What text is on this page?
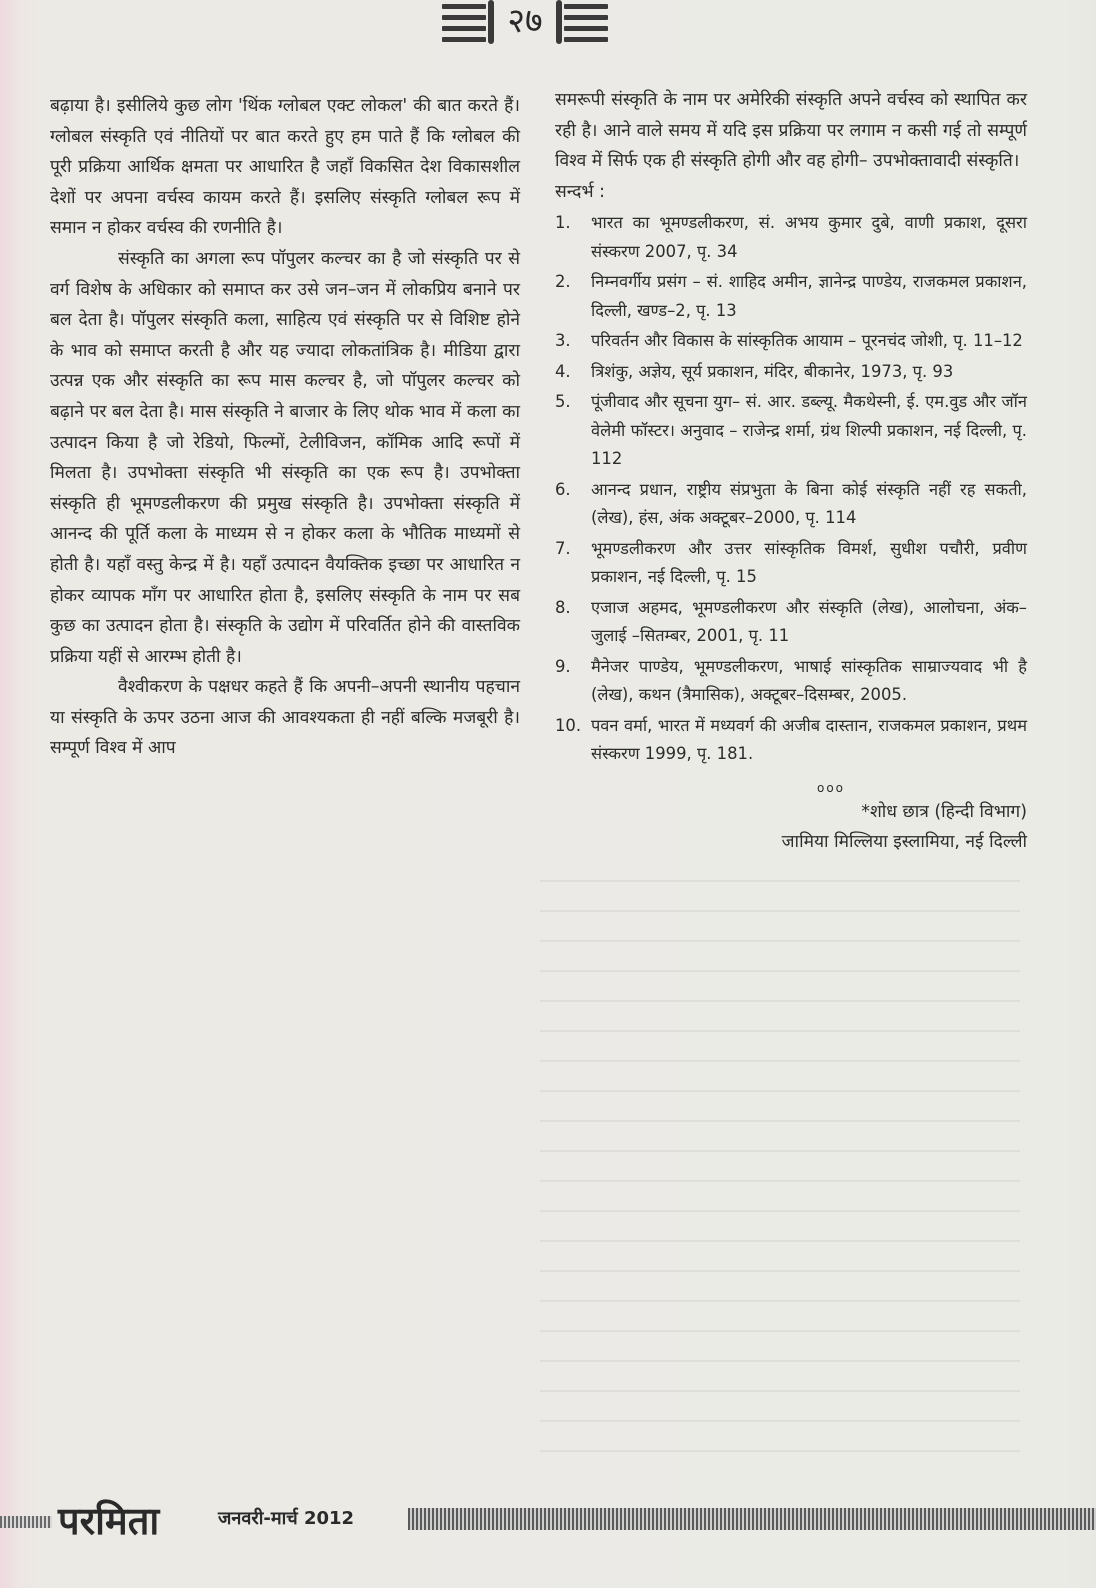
२७

बढ़ाया है। इसीलिये कुछ लोग 'थिंक ग्लोबल एक्ट लोकल' की बात करते हैं। ग्लोबल संस्कृति एवं नीतियों पर बात करते हुए हम पाते हैं कि ग्लोबल की पूरी प्रक्रिया आर्थिक क्षमता पर आधारित है जहाँ विकसित देश विकासशील देशों पर अपना वर्चस्व कायम करते हैं। इसलिए संस्कृति ग्लोबल रूप में समान न होकर वर्चस्व की रणनीति है।

संस्कृति का अगला रूप पॉपुलर कल्चर का है जो संस्कृति पर से वर्ग विशेष के अधिकार को समाप्त कर उसे जन–जन में लोकप्रिय बनाने पर बल देता है। पॉपुलर संस्कृति कला, साहित्य एवं संस्कृति पर से विशिष्ट होने के भाव को समाप्त करती है और यह ज्यादा लोकतांत्रिक है। मीडिया द्वारा उत्पन्न एक और संस्कृति का रूप मास कल्चर है, जो पॉपुलर कल्चर को बढ़ाने पर बल देता है। मास संस्कृति ने बाजार के लिए थोक भाव में कला का उत्पादन किया है जो रेडियो, फिल्मों, टेलीविजन, कॉमिक आदि रूपों में मिलता है। उपभोक्ता संस्कृति भी संस्कृति का एक रूप है। उपभोक्ता संस्कृति ही भूमण्डलीकरण की प्रमुख संस्कृति है। उपभोक्ता संस्कृति में आनन्द की पूर्ति कला के माध्यम से न होकर कला के भौतिक माध्यमों से होती है। यहाँ वस्तु केन्द्र में है। यहाँ उत्पादन वैयक्तिक इच्छा पर आधारित न होकर व्यापक माँग पर आधारित होता है, इसलिए संस्कृति के नाम पर सब कुछ का उत्पादन होता है। संस्कृति के उद्योग में परिवर्तित होने की वास्तविक प्रक्रिया यहीं से आरम्भ होती है।

वैश्वीकरण के पक्षधर कहते हैं कि अपनी–अपनी स्थानीय पहचान या संस्कृति के ऊपर उठना आज की आवश्यकता ही नहीं बल्कि मजबूरी है। सम्पूर्ण विश्व में आप

समरूपी संस्कृति के नाम पर अमेरिकी संस्कृति अपने वर्चस्व को स्थापित कर रही है। आने वाले समय में यदि इस प्रक्रिया पर लगाम न कसी गई तो सम्पूर्ण विश्व में सिर्फ एक ही संस्कृति होगी और वह होगी– उपभोक्तावादी संस्कृति।

सन्दर्भ :

1.	भारत का भूमण्डलीकरण, सं. अभय कुमार दुबे, वाणी प्रकाश, दूसरा संस्करण 2007, पृ. 34
2.	निम्नवर्गीय प्रसंग – सं. शाहिद अमीन, ज्ञानेन्द्र पाण्डेय, राजकमल प्रकाशन, दिल्ली, खण्ड–2, पृ. 13
3.	परिवर्तन और विकास के सांस्कृतिक आयाम – पूरनचंद जोशी, पृ. 11–12
4.	त्रिशंकु, अज्ञेय, सूर्य प्रकाशन, मंदिर, बीकानेर, 1973, पृ. 93
5.	पूंजीवाद और सूचना युग– सं. आर. डब्ल्यू. मैकथेस्नी, ई. एम.वुड और जॉन वेलेमी फॉस्टर। अनुवाद – राजेन्द्र शर्मा, ग्रंथ शिल्पी प्रकाशन, नई दिल्ली, पृ. 112
6.	आनन्द प्रधान, राष्ट्रीय संप्रभुता के बिना कोई संस्कृति नहीं रह सकती, (लेख), हंस, अंक अक्टूबर–2000, पृ. 114
7.	भूमण्डलीकरण और उत्तर सांस्कृतिक विमर्श, सुधीश पचौरी, प्रवीण प्रकाशन, नई दिल्ली, पृ. 15
8.	एजाज अहमद, भूमण्डलीकरण और संस्कृति (लेख), आलोचना, अंक– जुलाई –सितम्बर, 2001, पृ. 11
9.	मैनेजर पाण्डेय, भूमण्डलीकरण, भाषाई सांस्कृतिक साम्राज्यवाद भी है (लेख), कथन (त्रैमासिक), अक्टूबर–दिसम्बर, 2005.
10. पवन वर्मा, भारत में मध्यवर्ग की अजीब दास्तान, राजकमल प्रकाशन, प्रथम संस्करण 1999, पृ. 181.
ooo
*शोध छात्र (हिन्दी विभाग)
जामिया मिल्लिया इस्लामिया, नई दिल्ली
परमिता	जनवरी-मार्च 2012
